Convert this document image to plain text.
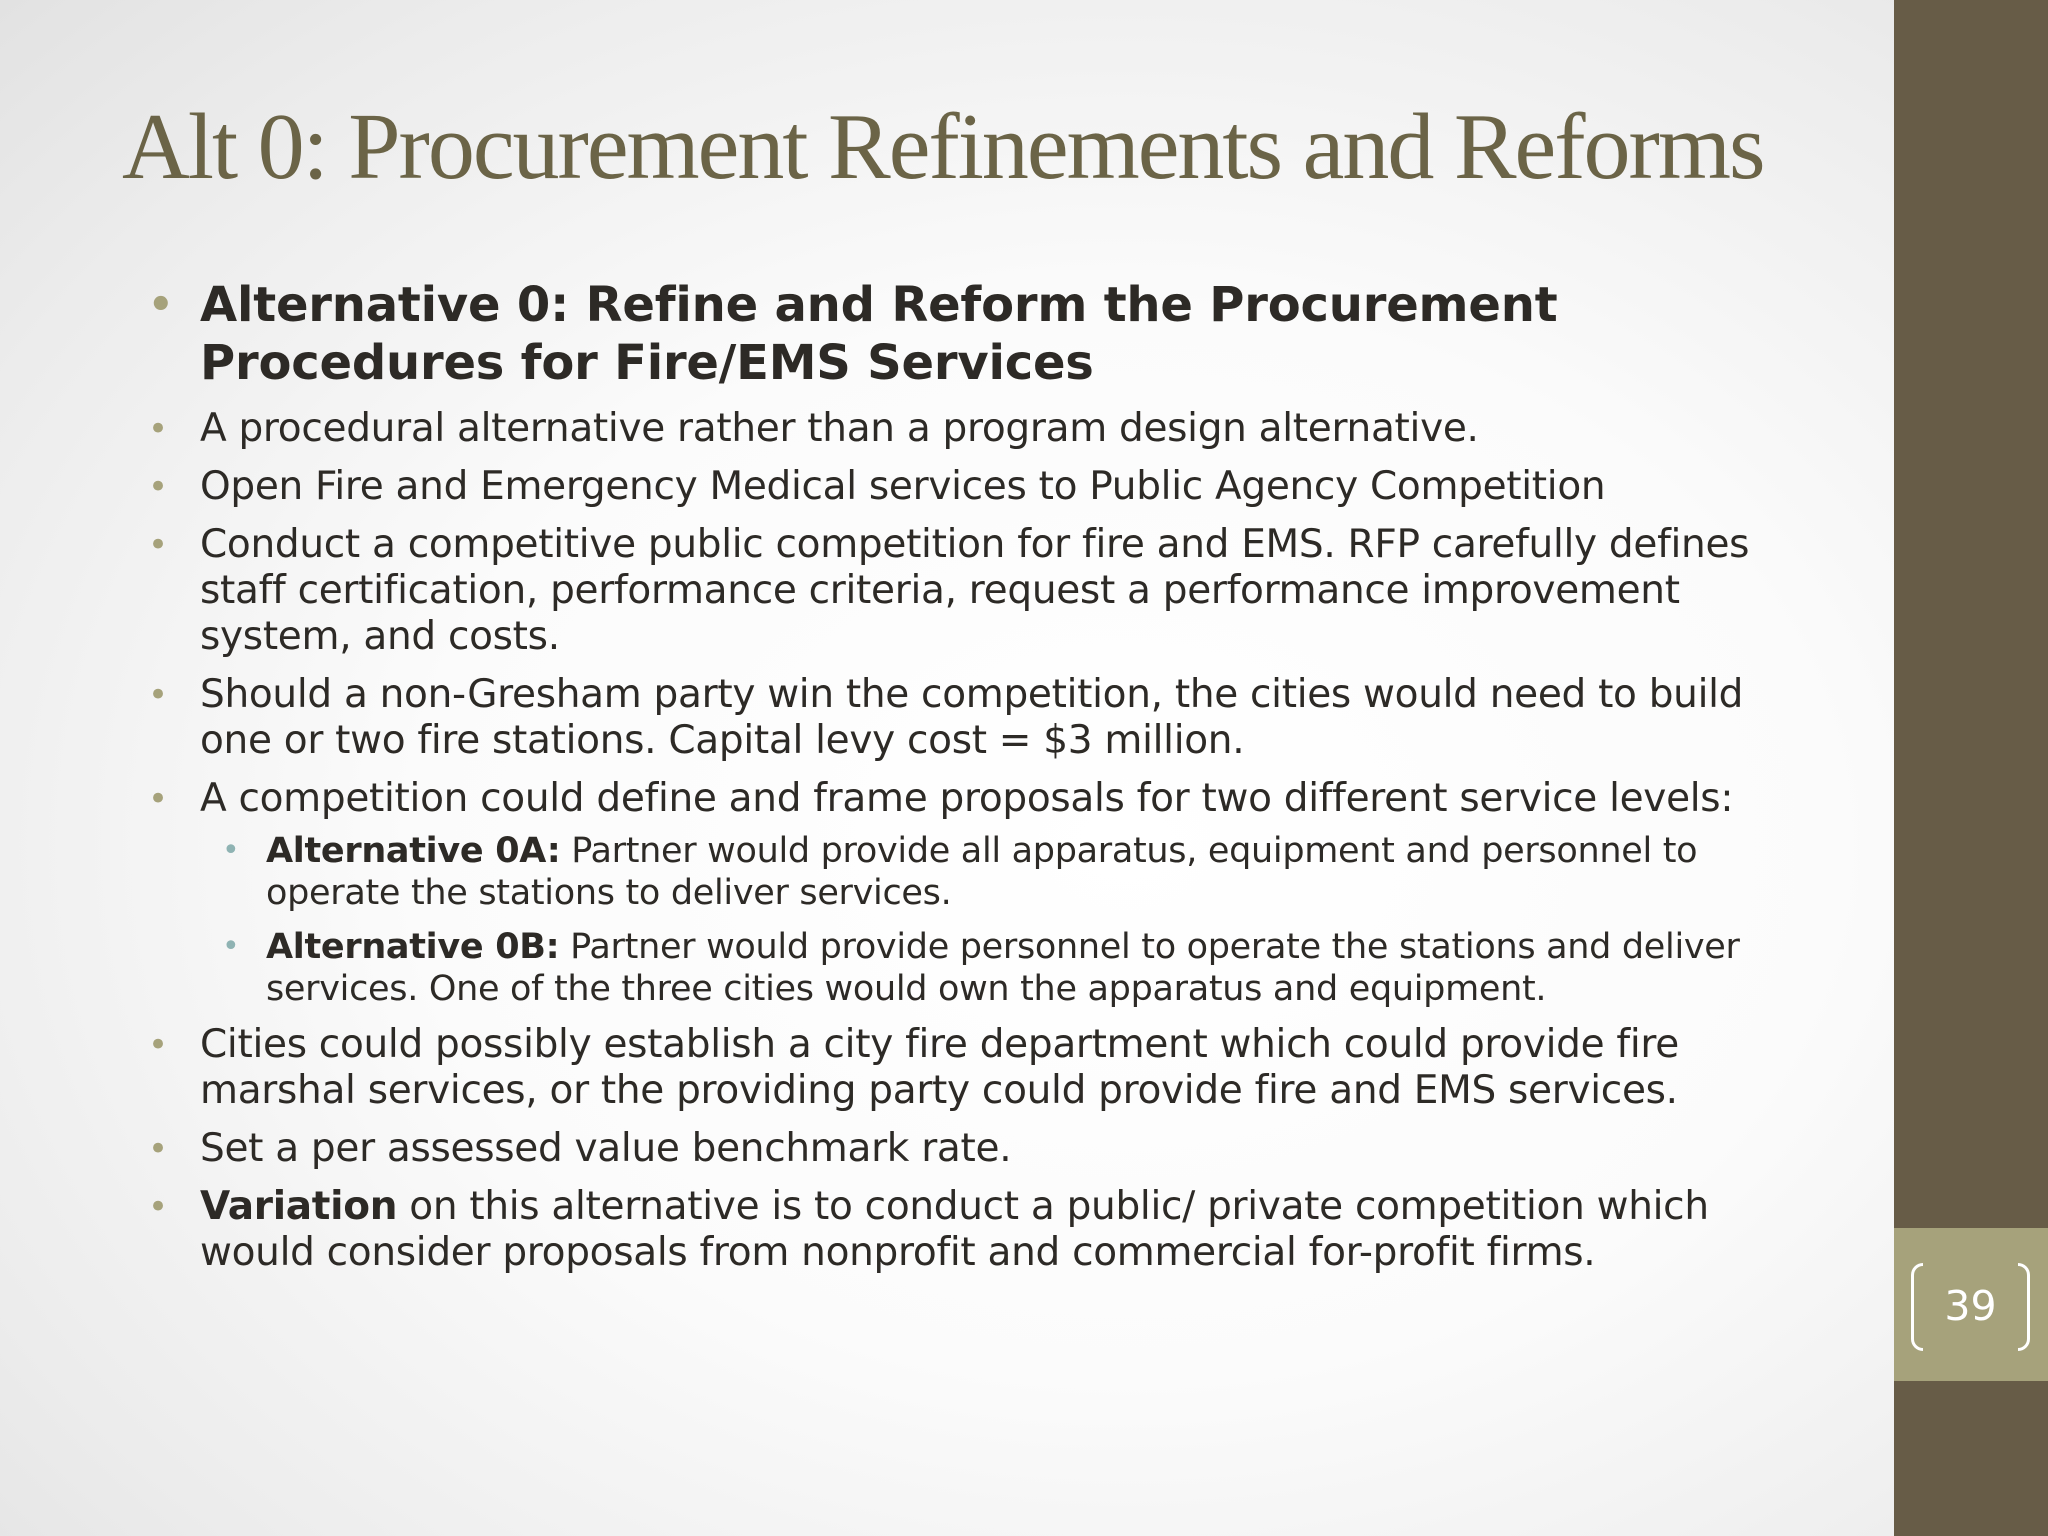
39
Alt 0: Procurement Refinements and Reforms
• Alternative 0: Refine and Reform the Procurement Procedures for Fire/EMS Services
• A procedural alternative rather than a program design alternative.
• Open Fire and Emergency Medical services to Public Agency Competition
• Conduct a competitive public competition for fire and EMS. RFP carefully defines staff certification, performance criteria, request a performance improvement system, and costs.
• Should a non-Gresham party win the competition, the cities would need to build one or two fire stations. Capital levy cost = $3 million.
• A competition could define and frame proposals for two different service levels:
• Alternative 0A: Partner would provide all apparatus, equipment and personnel to operate the stations to deliver services.
• Alternative 0B: Partner would provide personnel to operate the stations and deliver services. One of the three cities would own the apparatus and equipment.
• Cities could possibly establish a city fire department which could provide fire marshal services, or the providing party could provide fire and EMS services.
• Set a per assessed value benchmark rate.
• Variation on this alternative is to conduct a public/ private competition which would consider proposals from nonprofit and commercial for-profit firms.
